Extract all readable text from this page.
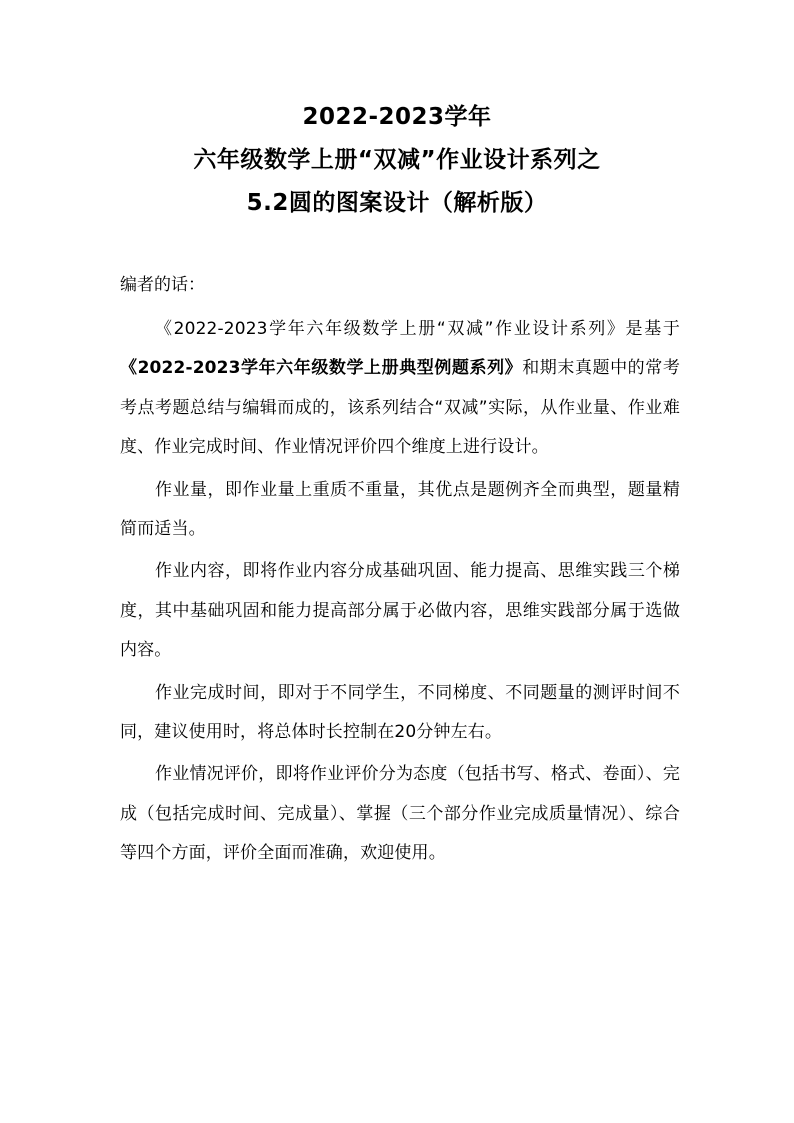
2022-2023学年
六年级数学上册“双减”作业设计系列之
5.2圆的图案设计（解析版）
编者的话：

《2022-2023学年六年级数学上册“双减”作业设计系列》是基于《2022-2023学年六年级数学上册典型例题系列》和期末真题中的常考考点考题总结与编辑而成的，该系列结合“双减”实际，从作业量、作业难度、作业完成时间、作业情况评价四个维度上进行设计。

作业量，即作业量上重质不重量，其优点是题例齐全而典型，题量精简而适当。

作业内容，即将作业内容分成基础巩固、能力提高、思维实践三个梯度，其中基础巩固和能力提高部分属于必做内容，思维实践部分属于选做内容。

作业完成时间，即对于不同学生，不同梯度、不同题量的测评时间不同，建议使用时，将总体时长控制在20分钟左右。

作业情况评价，即将作业评价分为态度（包括书写、格式、卷面）、完成（包括完成时间、完成量）、掌握（三个部分作业完成质量情况）、综合等四个方面，评价全面而准确，欢迎使用。
